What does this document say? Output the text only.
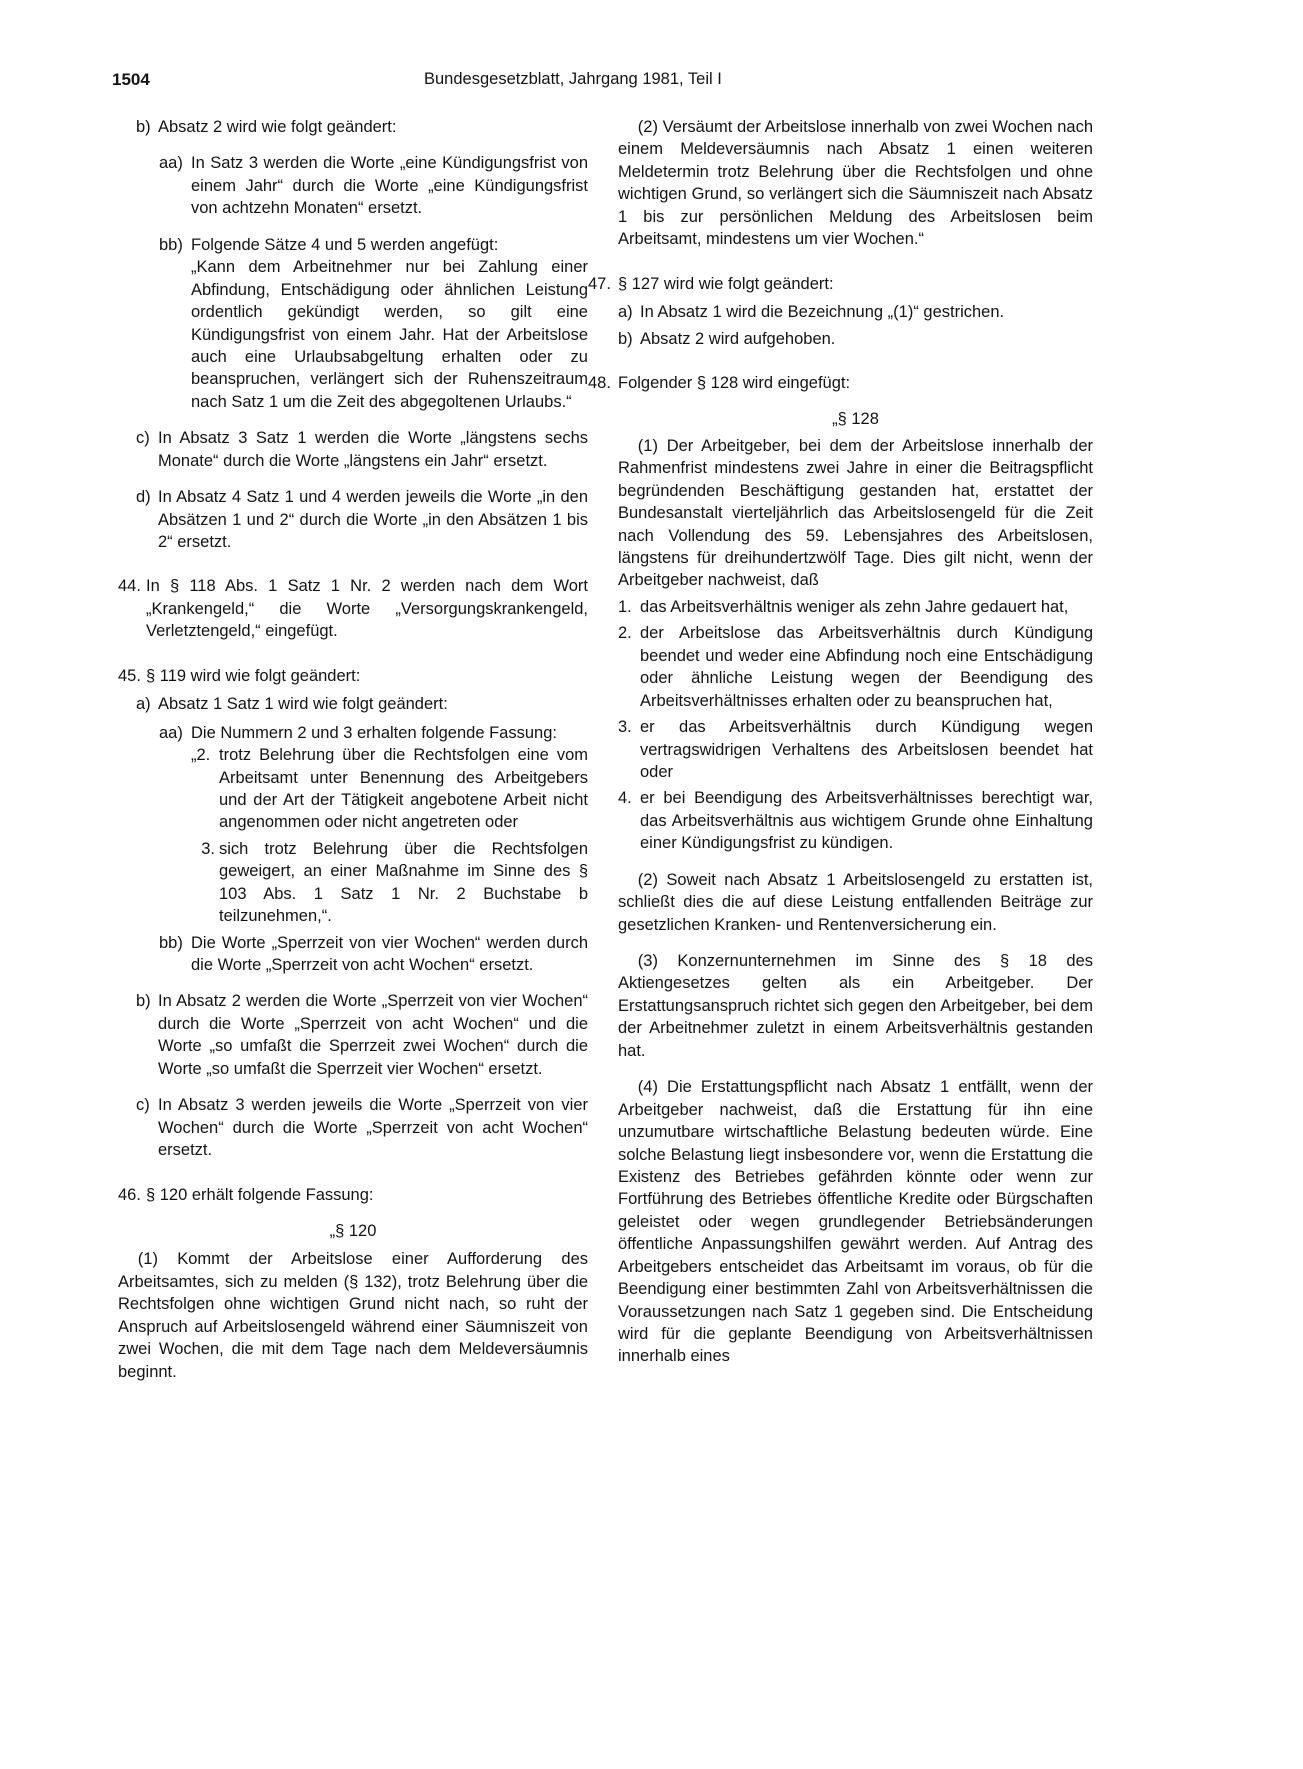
1504	Bundesgesetzblatt, Jahrgang 1981, Teil I
b) Absatz 2 wird wie folgt geändert:
aa) In Satz 3 werden die Worte „eine Kündigungsfrist von einem Jahr“ durch die Worte „eine Kündigungsfrist von achtzehn Monaten“ ersetzt.
bb) Folgende Sätze 4 und 5 werden angefügt:

„Kann dem Arbeitnehmer nur bei Zahlung einer Abfindung, Entschädigung oder ähnlichen Leistung ordentlich gekündigt werden, so gilt eine Kündigungsfrist von einem Jahr. Hat der Arbeitslose auch eine Urlaubsabgeltung erhalten oder zu beanspruchen, verlängert sich der Ruhenszeitraum nach Satz 1 um die Zeit des abgegoltenen Urlaubs.“

c) In Absatz 3 Satz 1 werden die Worte „längstens sechs Monate“ durch die Worte „längstens ein Jahr“ ersetzt.
d) In Absatz 4 Satz 1 und 4 werden jeweils die Worte „in den Absätzen 1 und 2“ durch die Worte „in den Absätzen 1 bis 2“ ersetzt.
44. In § 118 Abs. 1 Satz 1 Nr. 2 werden nach dem Wort „Krankengeld,“ die Worte „Versorgungskrankengeld, Verletztengeld,“ eingefügt.
45. § 119 wird wie folgt geändert:
a) Absatz 1 Satz 1 wird wie folgt geändert:
aa) Die Nummern 2 und 3 erhalten folgende Fassung:
„2. trotz Belehrung über die Rechtsfolgen eine vom Arbeitsamt unter Benennung des Arbeitgebers und der Art der Tätigkeit angebotene Arbeit nicht angenommen oder nicht angetreten oder
3. sich trotz Belehrung über die Rechtsfolgen geweigert, an einer Maßnahme im Sinne des § 103 Abs. 1 Satz 1 Nr. 2 Buchstabe b teilzunehmen,“.
bb) Die Worte „Sperrzeit von vier Wochen“ werden durch die Worte „Sperrzeit von acht Wochen“ ersetzt.
b) In Absatz 2 werden die Worte „Sperrzeit von vier Wochen“ durch die Worte „Sperrzeit von acht Wochen“ und die Worte „so umfaßt die Sperrzeit zwei Wochen“ durch die Worte „so umfaßt die Sperrzeit vier Wochen“ ersetzt.
c) In Absatz 3 werden jeweils die Worte „Sperrzeit von vier Wochen“ durch die Worte „Sperrzeit von acht Wochen“ ersetzt.
46. § 120 erhält folgende Fassung:

„§ 120

(1) Kommt der Arbeitslose einer Aufforderung des Arbeitsamtes, sich zu melden (§ 132), trotz Belehrung über die Rechtsfolgen ohne wichtigen Grund nicht nach, so ruht der Anspruch auf Arbeitslosengeld während einer Säumniszeit von zwei Wochen, die mit dem Tage nach dem Meldeversäumnis beginnt.

(2) Versäumt der Arbeitslose innerhalb von zwei Wochen nach einem Meldeversäumnis nach Absatz 1 einen weiteren Meldetermin trotz Belehrung über die Rechtsfolgen und ohne wichtigen Grund, so verlängert sich die Säumniszeit nach Absatz 1 bis zur persönlichen Meldung des Arbeitslosen beim Arbeitsamt, mindestens um vier Wochen.“

47. § 127 wird wie folgt geändert:
a) In Absatz 1 wird die Bezeichnung „(1)“ gestrichen.
b) Absatz 2 wird aufgehoben.
48. Folgender § 128 wird eingefügt:

„§ 128

(1) Der Arbeitgeber, bei dem der Arbeitslose innerhalb der Rahmenfrist mindestens zwei Jahre in einer die Beitragspflicht begründenden Beschäftigung gestanden hat, erstattet der Bundesanstalt vierteljährlich das Arbeitslosengeld für die Zeit nach Vollendung des 59. Lebensjahres des Arbeitslosen, längstens für dreihundertzwölf Tage. Dies gilt nicht, wenn der Arbeitgeber nachweist, daß

1. das Arbeitsverhältnis weniger als zehn Jahre gedauert hat,
2. der Arbeitslose das Arbeitsverhältnis durch Kündigung beendet und weder eine Abfindung noch eine Entschädigung oder ähnliche Leistung wegen der Beendigung des Arbeitsverhältnisses erhalten oder zu beanspruchen hat,
3. er das Arbeitsverhältnis durch Kündigung wegen vertragswidrigen Verhaltens des Arbeitslosen beendet hat oder
4. er bei Beendigung des Arbeitsverhältnisses berechtigt war, das Arbeitsverhältnis aus wichtigem Grunde ohne Einhaltung einer Kündigungsfrist zu kündigen.

(2) Soweit nach Absatz 1 Arbeitslosengeld zu erstatten ist, schließt dies die auf diese Leistung entfallenden Beiträge zur gesetzlichen Kranken- und Rentenversicherung ein.

(3) Konzernunternehmen im Sinne des § 18 des Aktiengesetzes gelten als ein Arbeitgeber. Der Erstattungsanspruch richtet sich gegen den Arbeitgeber, bei dem der Arbeitnehmer zuletzt in einem Arbeitsverhältnis gestanden hat.

(4) Die Erstattungspflicht nach Absatz 1 entfällt, wenn der Arbeitgeber nachweist, daß die Erstattung für ihn eine unzumutbare wirtschaftliche Belastung bedeuten würde. Eine solche Belastung liegt insbesondere vor, wenn die Erstattung die Existenz des Betriebes gefährden könnte oder wenn zur Fortführung des Betriebes öffentliche Kredite oder Bürgschaften geleistet oder wegen grundlegender Betriebsänderungen öffentliche Anpassungshilfen gewährt werden. Auf Antrag des Arbeitgebers entscheidet das Arbeitsamt im voraus, ob für die Beendigung einer bestimmten Zahl von Arbeitsverhältnissen die Voraussetzungen nach Satz 1 gegeben sind. Die Entscheidung wird für die geplante Beendigung von Arbeitsverhältnissen innerhalb eines
